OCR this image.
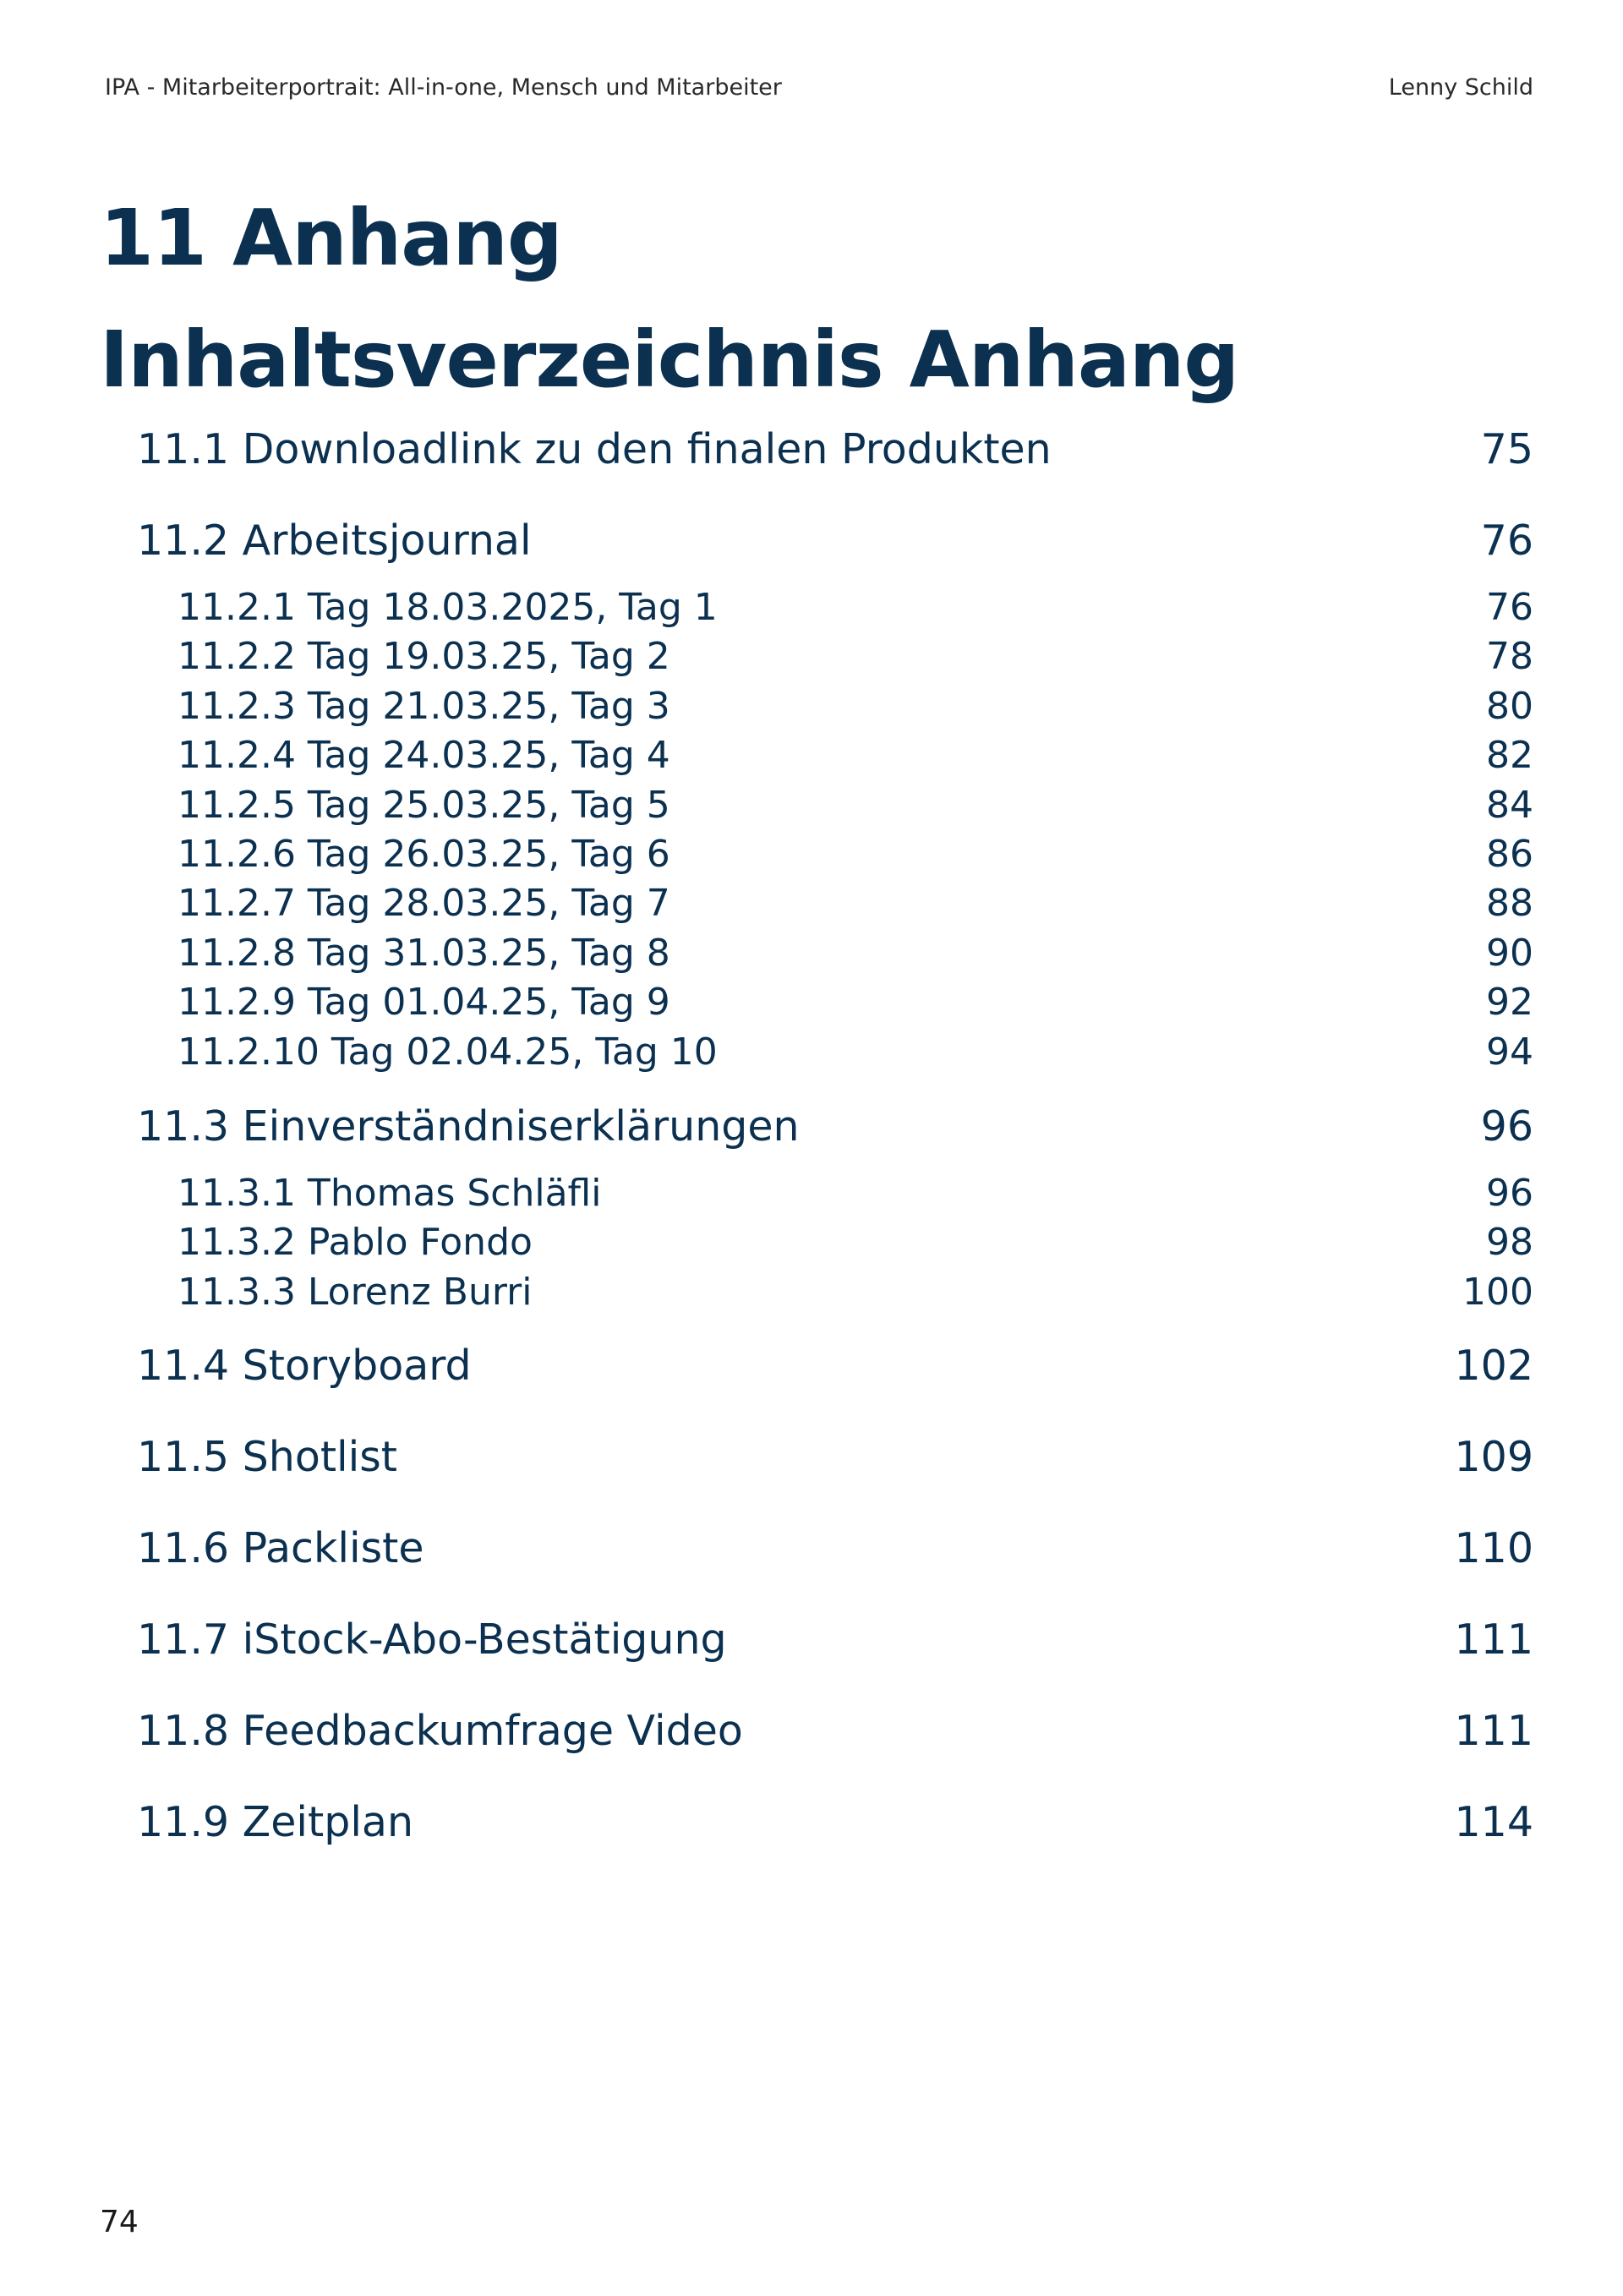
IPA - Mitarbeiterportrait: All-in-one, Mensch und Mitarbeiter	Lenny Schild
11 Anhang
Inhaltsverzeichnis Anhang
11.1 Downloadlink zu den finalen Produkten	75
11.2 Arbeitsjournal	76
11.2.1 Tag 18.03.2025, Tag 1	76
11.2.2 Tag 19.03.25, Tag 2	78
11.2.3 Tag 21.03.25, Tag 3	80
11.2.4 Tag 24.03.25, Tag 4	82
11.2.5 Tag 25.03.25, Tag 5	84
11.2.6 Tag 26.03.25, Tag 6	86
11.2.7 Tag 28.03.25, Tag 7	88
11.2.8 Tag 31.03.25, Tag 8	90
11.2.9 Tag 01.04.25, Tag 9	92
11.2.10 Tag 02.04.25, Tag 10	94
11.3 Einverständniserklärungen	96
11.3.1 Thomas Schläfli	96
11.3.2 Pablo Fondo	98
11.3.3 Lorenz Burri	100
11.4 Storyboard	102
11.5 Shotlist	109
11.6 Packliste	110
11.7 iStock-Abo-Bestätigung	111
11.8 Feedbackumfrage Video	111
11.9 Zeitplan	114
74
